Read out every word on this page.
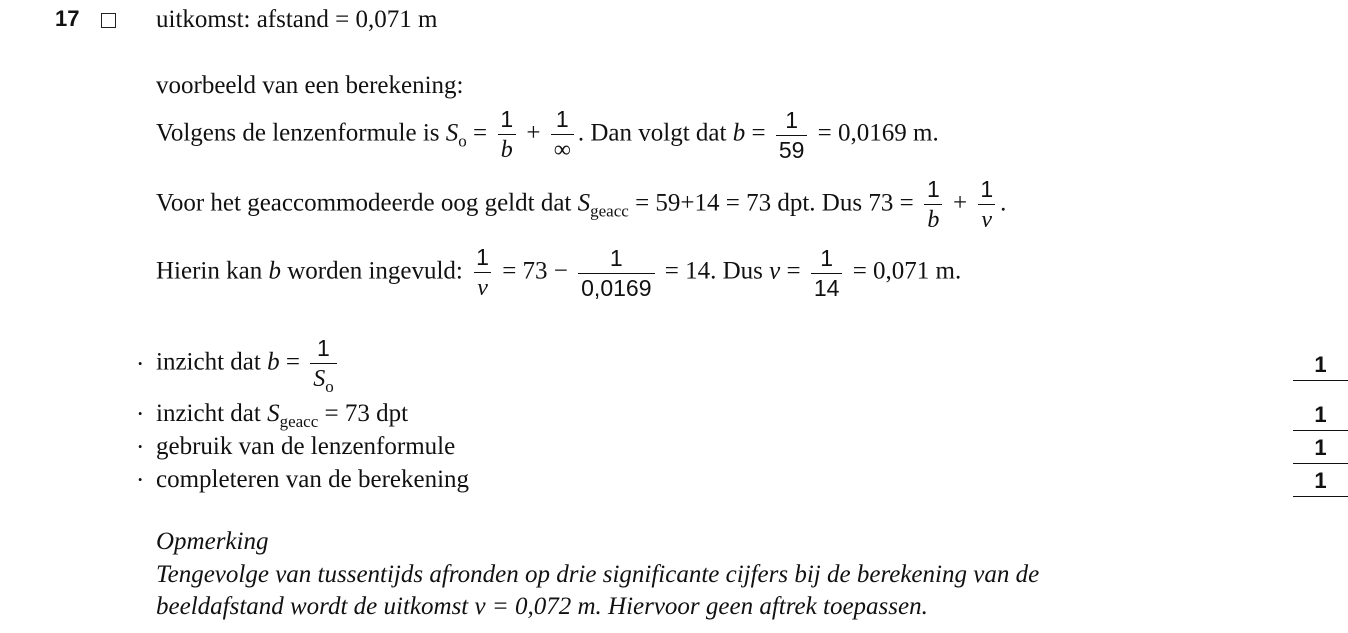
17	uitkomst: afstand = 0,071 m
voorbeeld van een berekening:
Volgens de lenzenformule is $S_o = \frac{1}{b} + \frac{1}{\infty}$ . Dan volgt dat $b = \frac{1}{59} = 0,0169$ m.
Voor het geaccommodeerde oog geldt dat $S_{geacc} = 59+14 = 73$ dpt. Dus $73 = \frac{1}{b} + \frac{1}{v}$ .
Hierin kan b worden ingevuld: $\frac{1}{v} = 73 - \frac{1}{0,0169} = 14$. Dus $v = \frac{1}{14} = 0,071$ m.
· inzicht dat $b = \frac{1}{S_o}$	1
· inzicht dat $S_{geacc} = 73$ dpt	1
· gebruik van de lenzenformule	1
· completeren van de berekening	1
Opmerking
Tengevolge van tussentijds afronden op drie significante cijfers bij de berekening van de
beeldafstand wordt de uitkomst v = 0,072 m. Hiervoor geen aftrek toepassen.
